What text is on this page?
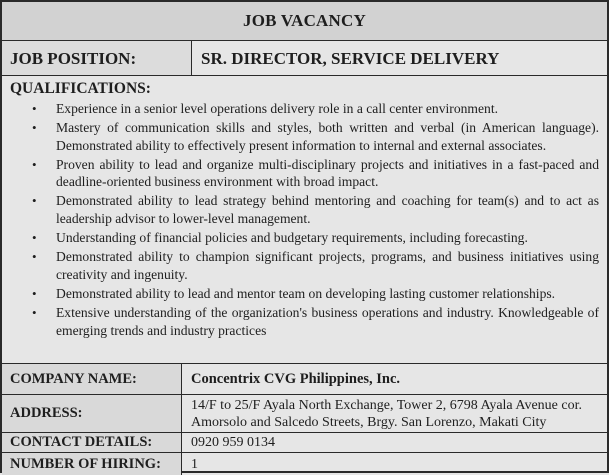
JOB VACANCY
JOB POSITION:	SR. DIRECTOR, SERVICE DELIVERY
QUALIFICATIONS:
• Experience in a senior level operations delivery role in a call center environment.
• Mastery of communication skills and styles, both written and verbal (in American language). Demonstrated ability to effectively present information to internal and external associates.
• Proven ability to lead and organize multi-disciplinary projects and initiatives in a fast-paced and deadline-oriented business environment with broad impact.
• Demonstrated ability to lead strategy behind mentoring and coaching for team(s) and to act as leadership advisor to lower-level management.
• Understanding of financial policies and budgetary requirements, including forecasting.
• Demonstrated ability to champion significant projects, programs, and business initiatives using creativity and ingenuity.
• Demonstrated ability to lead and mentor team on developing lasting customer relationships.
• Extensive understanding of the organization's business operations and industry. Knowledgeable of emerging trends and industry practices
COMPANY NAME:	Concentrix CVG Philippines, Inc.
ADDRESS:	14/F to 25/F Ayala North Exchange, Tower 2, 6798 Ayala Avenue cor. Amorsolo and Salcedo Streets, Brgy. San Lorenzo, Makati City
CONTACT DETAILS:	0920 959 0134
NUMBER OF HIRING:	1
